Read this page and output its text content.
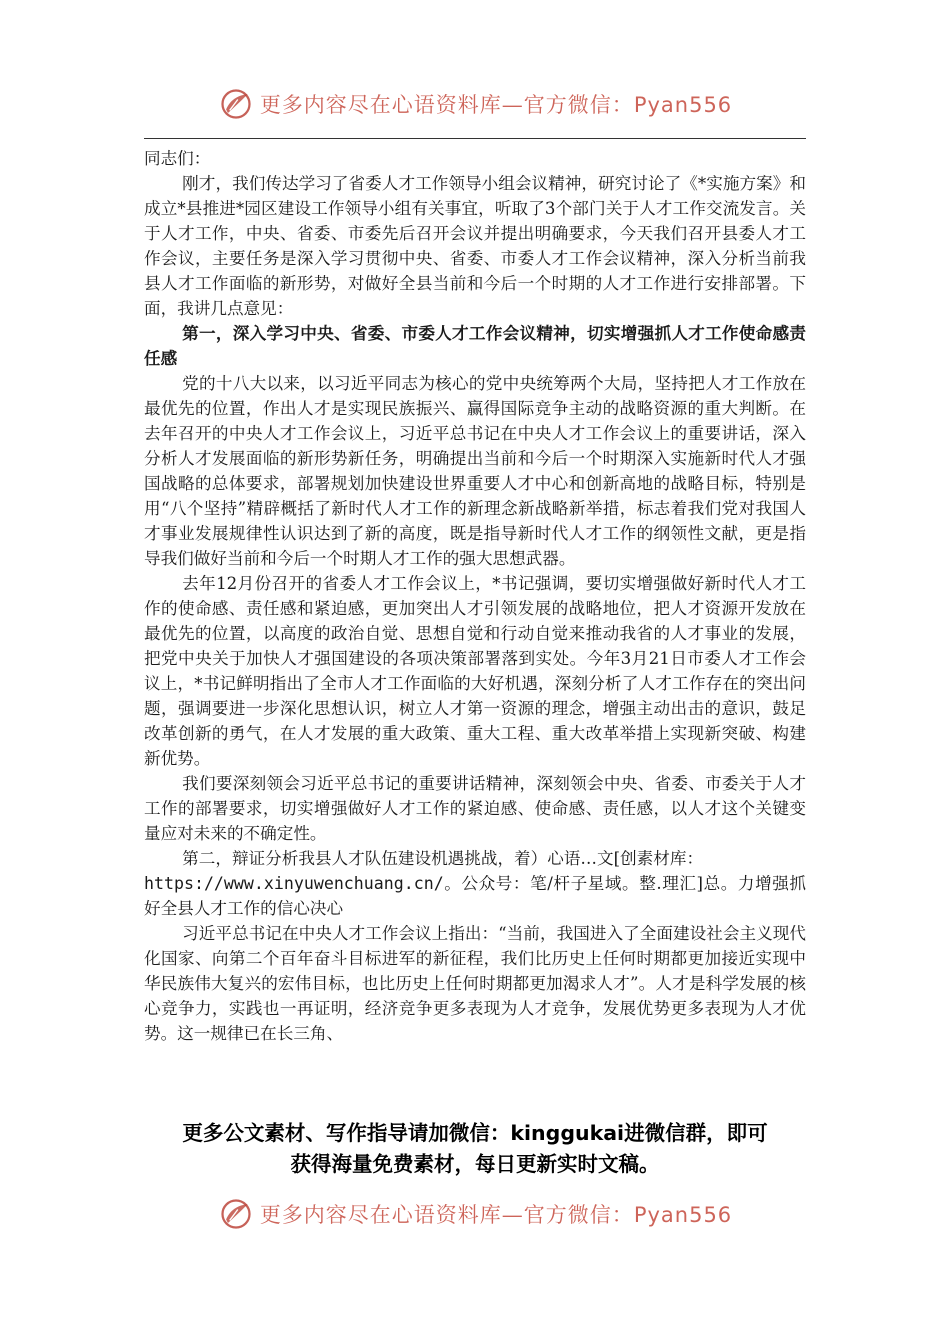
更多内容尽在心语资料库—官方微信：Pyan556

同志们：

刚才，我们传达学习了省委人才工作领导小组会议精神，研究讨论了《*实施方案》和成立*县推进*园区建设工作领导小组有关事宜，听取了3个部门关于人才工作交流发言。关于人才工作，中央、省委、市委先后召开会议并提出明确要求，今天我们召开县委人才工作会议，主要任务是深入学习贯彻中央、省委、市委人才工作会议精神，深入分析当前我县人才工作面临的新形势，对做好全县当前和今后一个时期的人才工作进行安排部署。下面，我讲几点意见：

第一，深入学习中央、省委、市委人才工作会议精神，切实增强抓人才工作使命感责任感

党的十八大以来，以习近平同志为核心的党中央统筹两个大局，坚持把人才工作放在最优先的位置，作出人才是实现民族振兴、赢得国际竞争主动的战略资源的重大判断。在去年召开的中央人才工作会议上，习近平总书记在中央人才工作会议上的重要讲话，深入分析人才发展面临的新形势新任务，明确提出当前和今后一个时期深入实施新时代人才强国战略的总体要求，部署规划加快建设世界重要人才中心和创新高地的战略目标，特别是用“八个坚持”精辟概括了新时代人才工作的新理念新战略新举措，标志着我们党对我国人才事业发展规律性认识达到了新的高度，既是指导新时代人才工作的纲领性文献，更是指导我们做好当前和今后一个时期人才工作的强大思想武器。

去年12月份召开的省委人才工作会议上，*书记强调，要切实增强做好新时代人才工作的使命感、责任感和紧迫感，更加突出人才引领发展的战略地位，把人才资源开发放在最优先的位置，以高度的政治自觉、思想自觉和行动自觉来推动我省的人才事业的发展，把党中央关于加快人才强国建设的各项决策部署落到实处。今年3月21日市委人才工作会议上，*书记鲜明指出了全市人才工作面临的大好机遇，深刻分析了人才工作存在的突出问题，强调要进一步深化思想认识，树立人才第一资源的理念，增强主动出击的意识，鼓足改革创新的勇气，在人才发展的重大政策、重大工程、重大改革举措上实现新突破、构建新优势。

我们要深刻领会习近平总书记的重要讲话精神，深刻领会中央、省委、市委关于人才工作的部署要求，切实增强做好人才工作的紧迫感、使命感、责任感，以人才这个关键变量应对未来的不确定性。

第二，辩证分析我县人才队伍建设机遇挑战，着）心语…文[创素材库：
https://www.xinyuwenchuang.cn/。公众号：笔/杆子星域。整.理汇]总。力增强抓好全县人才工作的信心决心

习近平总书记在中央人才工作会议上指出：“当前，我国进入了全面建设社会主义现代化国家、向第二个百年奋斗目标进军的新征程，我们比历史上任何时期都更加接近实现中华民族伟大复兴的宏伟目标，也比历史上任何时期都更加渴求人才”。人才是科学发展的核心竞争力，实践也一再证明，经济竞争更多表现为人才竞争，发展优势更多表现为人才优势。这一规律已在长三角、

更多公文素材、写作指导请加微信：kinggukai进微信群，即可
获得海量免费素材，每日更新实时文稿。
更多内容尽在心语资料库—官方微信：Pyan556
